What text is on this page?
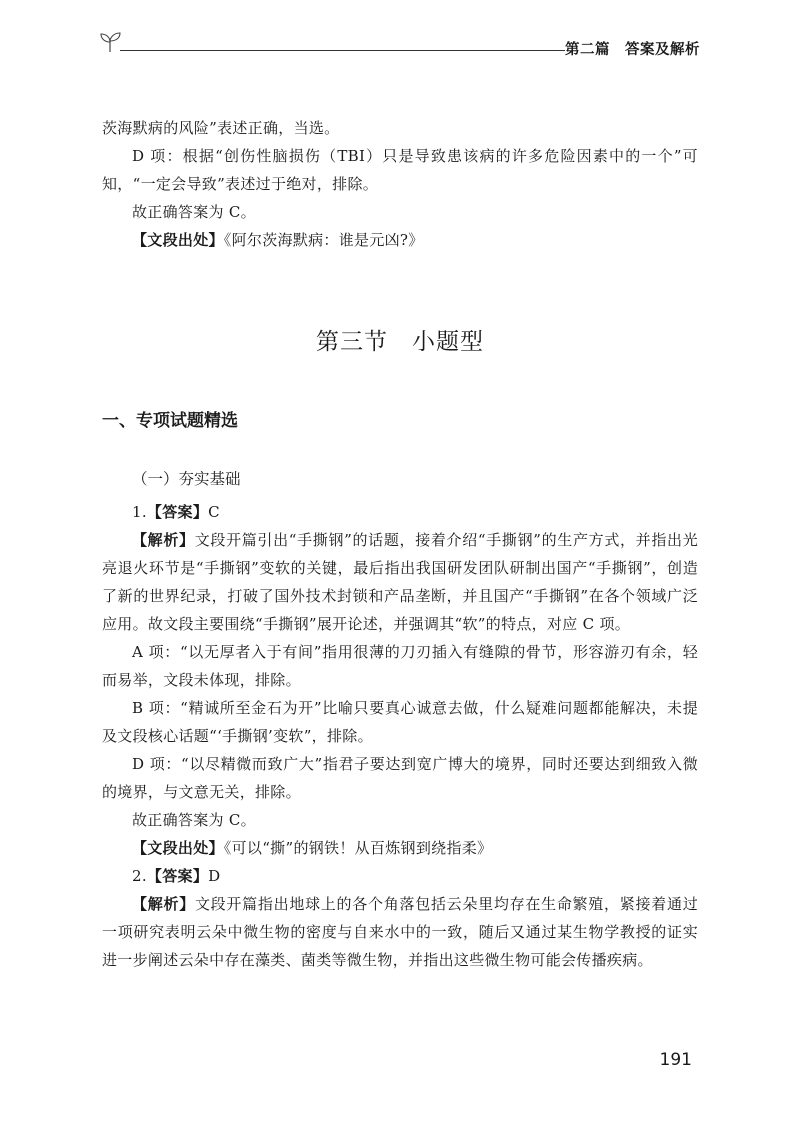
第二篇　答案及解析

茨海默病的风险”表述正确，当选。

D 项：根据“创伤性脑损伤（TBI）只是导致患该病的许多危险因素中的一个”可知，“一定会导致”表述过于绝对，排除。

故正确答案为 C。

【文段出处】《阿尔茨海默病：谁是元凶?》

第三节　小题型
一、专项试题精选
（一）夯实基础

1.【答案】C

【解析】文段开篇引出“手撕钢”的话题，接着介绍“手撕钢”的生产方式，并指出光亮退火环节是“手撕钢”变软的关键，最后指出我国研发团队研制出国产“手撕钢”，创造了新的世界纪录，打破了国外技术封锁和产品垄断，并且国产“手撕钢”在各个领域广泛应用。故文段主要围绕“手撕钢”展开论述，并强调其“软”的特点，对应 C 项。

A 项：“以无厚者入于有间”指用很薄的刀刃插入有缝隙的骨节，形容游刃有余，轻而易举，文段未体现，排除。

B 项：“精诚所至金石为开”比喻只要真心诚意去做，什么疑难问题都能解决，未提及文段核心话题“‘手撕钢’变软”，排除。

D 项：“以尽精微而致广大”指君子要达到宽广博大的境界，同时还要达到细致入微的境界，与文意无关，排除。

故正确答案为 C。

【文段出处】《可以“撕”的钢铁！从百炼钢到绕指柔》

2.【答案】D

【解析】文段开篇指出地球上的各个角落包括云朵里均存在生命繁殖，紧接着通过一项研究表明云朵中微生物的密度与自来水中的一致，随后又通过某生物学教授的证实进一步阐述云朵中存在藻类、菌类等微生物，并指出这些微生物可能会传播疾病。

191
